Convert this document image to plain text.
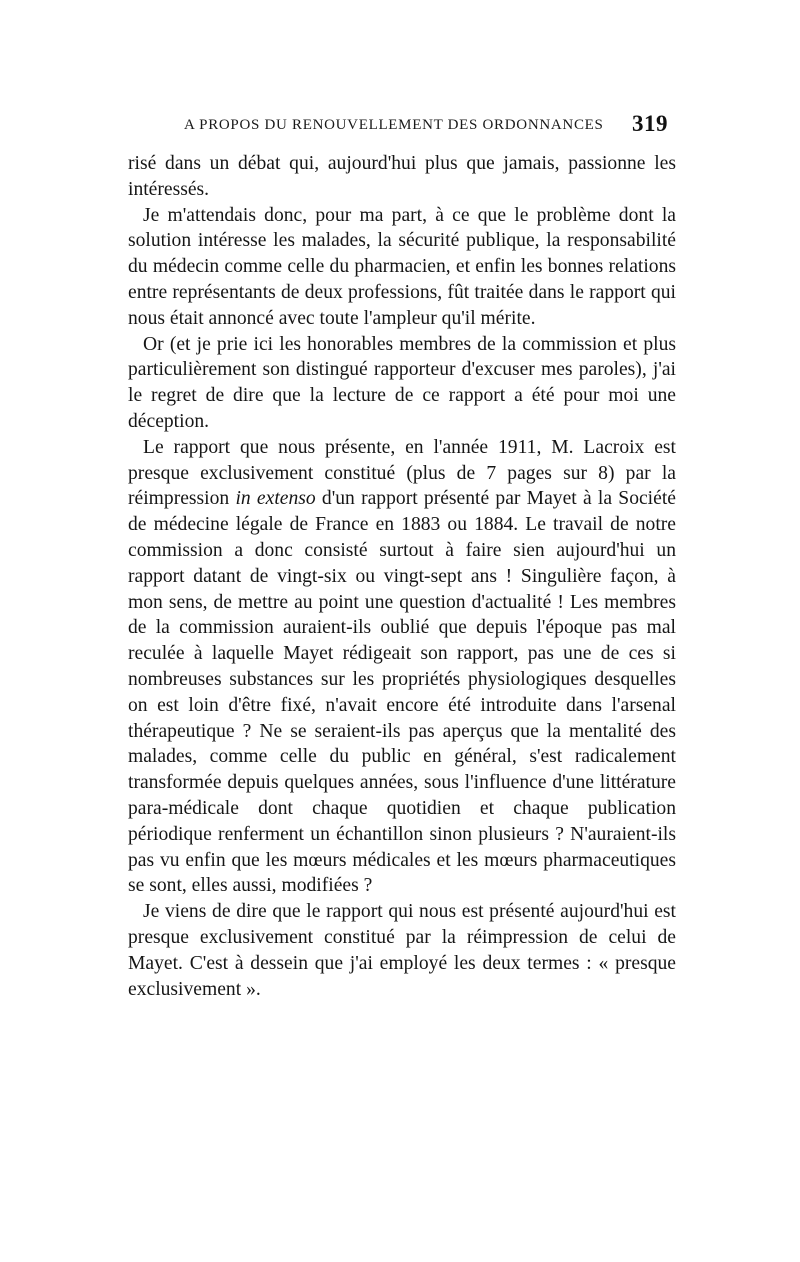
A PROPOS DU RENOUVELLEMENT DES ORDONNANCES 319

risé dans un débat qui, aujourd'hui plus que jamais, passionne les intéressés.

Je m'attendais donc, pour ma part, à ce que le problème dont la solution intéresse les malades, la sécurité publique, la responsabilité du médecin comme celle du pharmacien, et enfin les bonnes relations entre représentants de deux professions, fût traitée dans le rapport qui nous était annoncé avec toute l'ampleur qu'il mérite.

Or (et je prie ici les honorables membres de la commission et plus particulièrement son distingué rapporteur d'excuser mes paroles), j'ai le regret de dire que la lecture de ce rapport a été pour moi une déception.

Le rapport que nous présente, en l'année 1911, M. Lacroix est presque exclusivement constitué (plus de 7 pages sur 8) par la réimpression in extenso d'un rapport présenté par Mayet à la Société de médecine légale de France en 1883 ou 1884. Le travail de notre commission a donc consisté surtout à faire sien aujourd'hui un rapport datant de vingt-six ou vingt-sept ans ! Singulière façon, à mon sens, de mettre au point une question d'actualité ! Les membres de la commission auraient-ils oublié que depuis l'époque pas mal reculée à laquelle Mayet rédigeait son rapport, pas une de ces si nombreuses substances sur les propriétés physiologiques desquelles on est loin d'être fixé, n'avait encore été introduite dans l'arsenal thérapeutique ? Ne se seraient-ils pas aperçus que la mentalité des malades, comme celle du public en général, s'est radicalement transformée depuis quelques années, sous l'influence d'une littérature para-médicale dont chaque quotidien et chaque publication périodique renferment un échantillon sinon plusieurs ? N'auraient-ils pas vu enfin que les mœurs médicales et les mœurs pharmaceutiques se sont, elles aussi, modifiées ?

Je viens de dire que le rapport qui nous est présenté aujourd'hui est presque exclusivement constitué par la réimpression de celui de Mayet. C'est à dessein que j'ai employé les deux termes : « presque exclusivement ».
